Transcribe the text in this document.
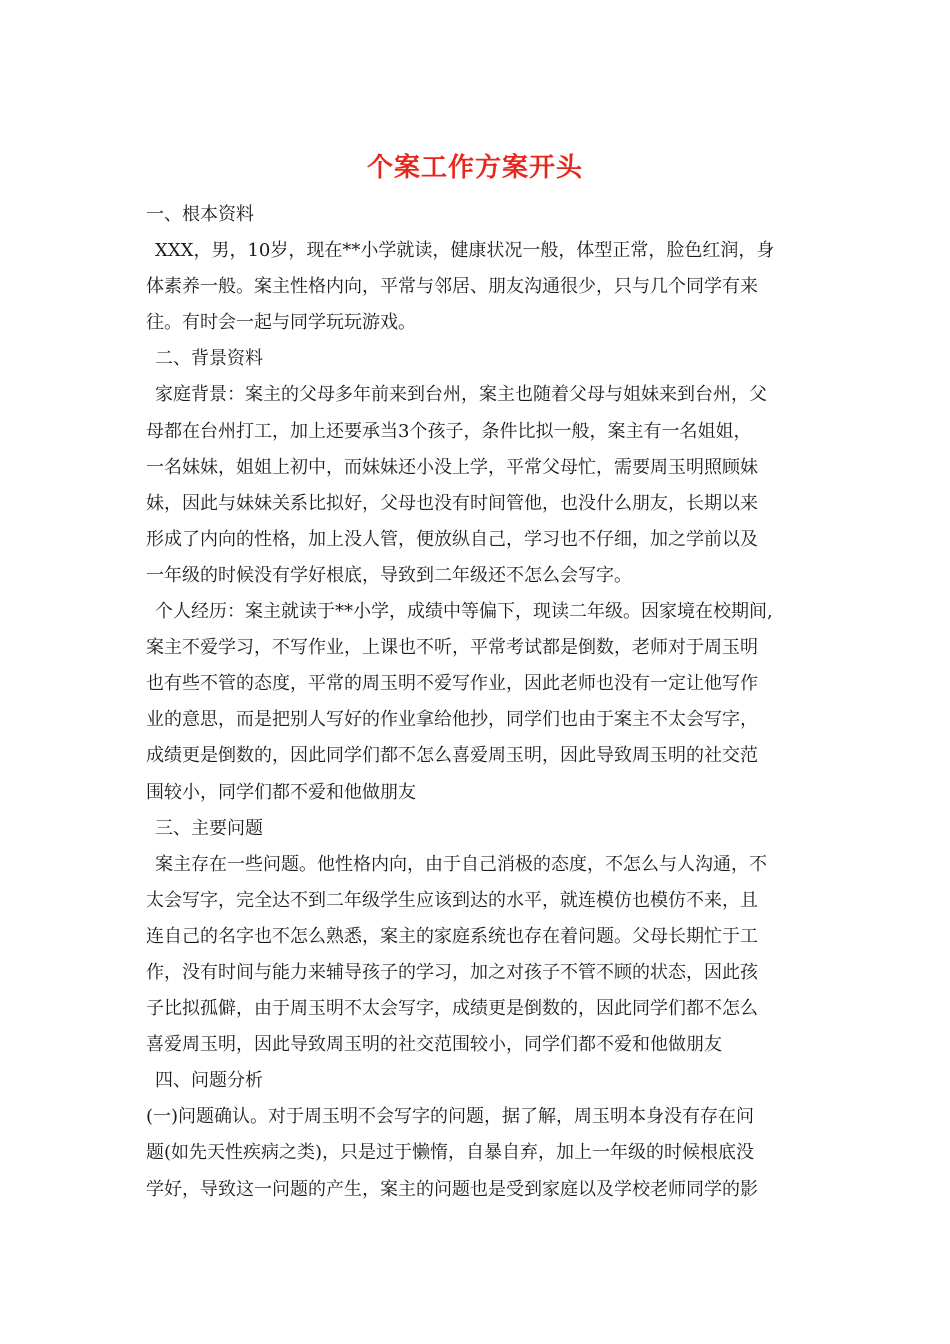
个案工作方案开头
一、根本资料
XXX，男，10岁，现在**小学就读，健康状况一般，体型正常，脸色红润，身
体素养一般。案主性格内向，平常与邻居、朋友沟通很少，只与几个同学有来
往。有时会一起与同学玩玩游戏。
二、背景资料
家庭背景：案主的父母多年前来到台州，案主也随着父母与姐妹来到台州，父
母都在台州打工，加上还要承当3个孩子，条件比拟一般，案主有一名姐姐，
一名妹妹，姐姐上初中，而妹妹还小没上学，平常父母忙，需要周玉明照顾妹
妹，因此与妹妹关系比拟好，父母也没有时间管他，也没什么朋友，长期以来
形成了内向的性格，加上没人管，便放纵自己，学习也不仔细，加之学前以及
一年级的时候没有学好根底，导致到二年级还不怎么会写字。
个人经历：案主就读于**小学，成绩中等偏下，现读二年级。因家境在校期间,
案主不爱学习，不写作业，上课也不听，平常考试都是倒数，老师对于周玉明
也有些不管的态度，平常的周玉明不爱写作业，因此老师也没有一定让他写作
业的意思，而是把别人写好的作业拿给他抄，同学们也由于案主不太会写字，
成绩更是倒数的，因此同学们都不怎么喜爱周玉明，因此导致周玉明的社交范
围较小，同学们都不爱和他做朋友
三、主要问题
案主存在一些问题。他性格内向，由于自己消极的态度，不怎么与人沟通，不
太会写字，完全达不到二年级学生应该到达的水平，就连模仿也模仿不来，且
连自己的名字也不怎么熟悉，案主的家庭系统也存在着问题。父母长期忙于工
作，没有时间与能力来辅导孩子的学习，加之对孩子不管不顾的状态，因此孩
子比拟孤僻，由于周玉明不太会写字，成绩更是倒数的，因此同学们都不怎么
喜爱周玉明，因此导致周玉明的社交范围较小，同学们都不爱和他做朋友
四、问题分析
(一)问题确认。对于周玉明不会写字的问题，据了解，周玉明本身没有存在问
题(如先天性疾病之类)，只是过于懒惰，自暴自弃，加上一年级的时候根底没
学好，导致这一问题的产生，案主的问题也是受到家庭以及学校老师同学的影
